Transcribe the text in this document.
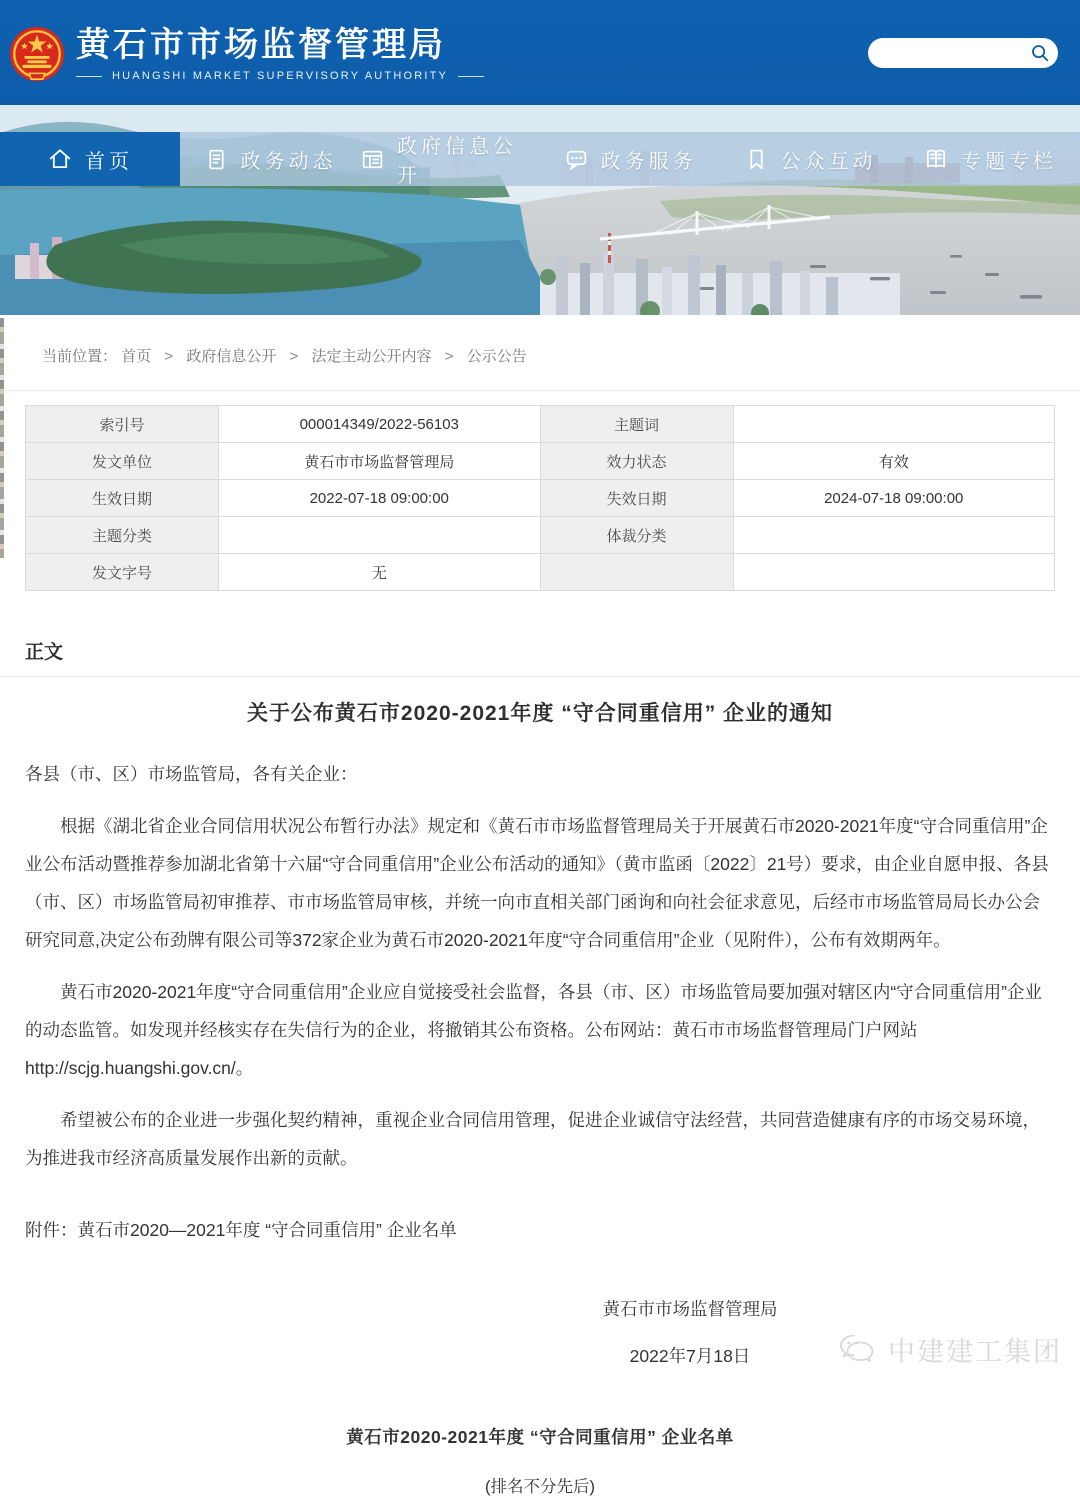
黄石市市场监督管理局
HUANGSHI MARKET SUPERVISORY AUTHORITY
首页	政务动态
政府信息公开
政务服务	公众互动	专题专栏
当前位置： 首页 > 政府信息公开 > 法定主动公开内容 > 公示公告
索引号	000014349/2022-56103	主题词	
发文单位	黄石市市场监督管理局	效力状态	有效
生效日期	2022-07-18 09:00:00	失效日期	2024-07-18 09:00:00
主题分类		体裁分类	
发文字号	无		
正文
关于公布黄石市2020-2021年度 “守合同重信用” 企业的通知

各县（市、区）市场监管局，各有关企业：

根据《湖北省企业合同信用状况公布暂行办法》规定和《黄石市市场监督管理局关于开展黄石市2020-2021年度“守合同重信用”企业公布活动暨推荐参加湖北省第十六届“守合同重信用”企业公布活动的通知》（黄市监函〔2022〕21号）要求，由企业自愿申报、各县（市、区）市场监管局初审推荐、市市场监管局审核，并统一向市直相关部门函询和向社会征求意见，后经市市场监管局局长办公会研究同意,决定公布劲牌有限公司等372家企业为黄石市2020-2021年度“守合同重信用”企业（见附件），公布有效期两年。

黄石市2020-2021年度“守合同重信用”企业应自觉接受社会监督，各县（市、区）市场监管局要加强对辖区内“守合同重信用”企业的动态监管。如发现并经核实存在失信行为的企业，将撤销其公布资格。公布网站：黄石市市场监督管理局门户网站 http://scjg.huangshi.gov.cn/。

希望被公布的企业进一步强化契约精神，重视企业合同信用管理，促进企业诚信守法经营，共同营造健康有序的市场交易环境，为推进我市经济高质量发展作出新的贡献。

附件：黄石市2020—2021年度 “守合同重信用” 企业名单
黄石市市场监督管理局
2022年7月18日
黄石市2020-2021年度 “守合同重信用” 企业名单
(排名不分先后)
中建建工集团
